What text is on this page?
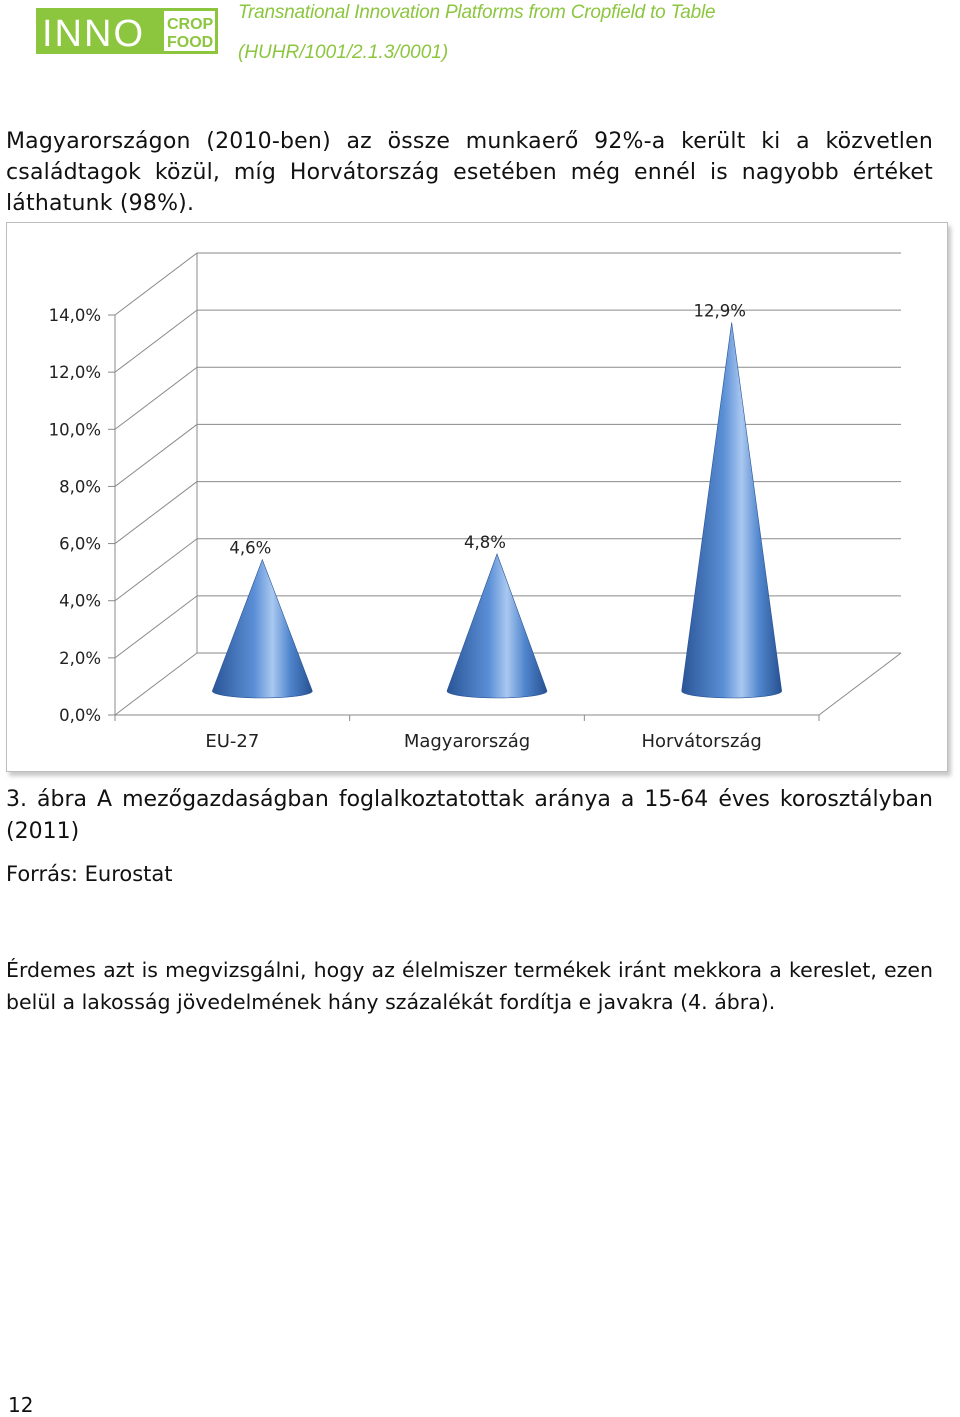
INNO CROP
FOOD
Transnational Innovation Platforms from Cropfield to Table
(HUHR/1001/2.1.3/0001)
Magyarországon (2010-ben) az össze munkaerő 92%-a került ki a közvetlen családtagok közül, míg Horvátország esetében még ennél is nagyobb értéket láthatunk (98%).
0,0%
2,0%
4,0%
6,0%
8,0%
10,0%
12,0%
14,0%
EU-27
4,6%
Magyarország
4,8%
Horvátország
12,9%
3. ábra A mezőgazdaságban foglalkoztatottak aránya a 15-64 éves korosztályban (2011)
Forrás: Eurostat
Érdemes azt is megvizsgálni, hogy az élelmiszer termékek iránt mekkora a kereslet, ezen belül a lakosság jövedelmének hány százalékát fordítja e javakra (4. ábra).
12
